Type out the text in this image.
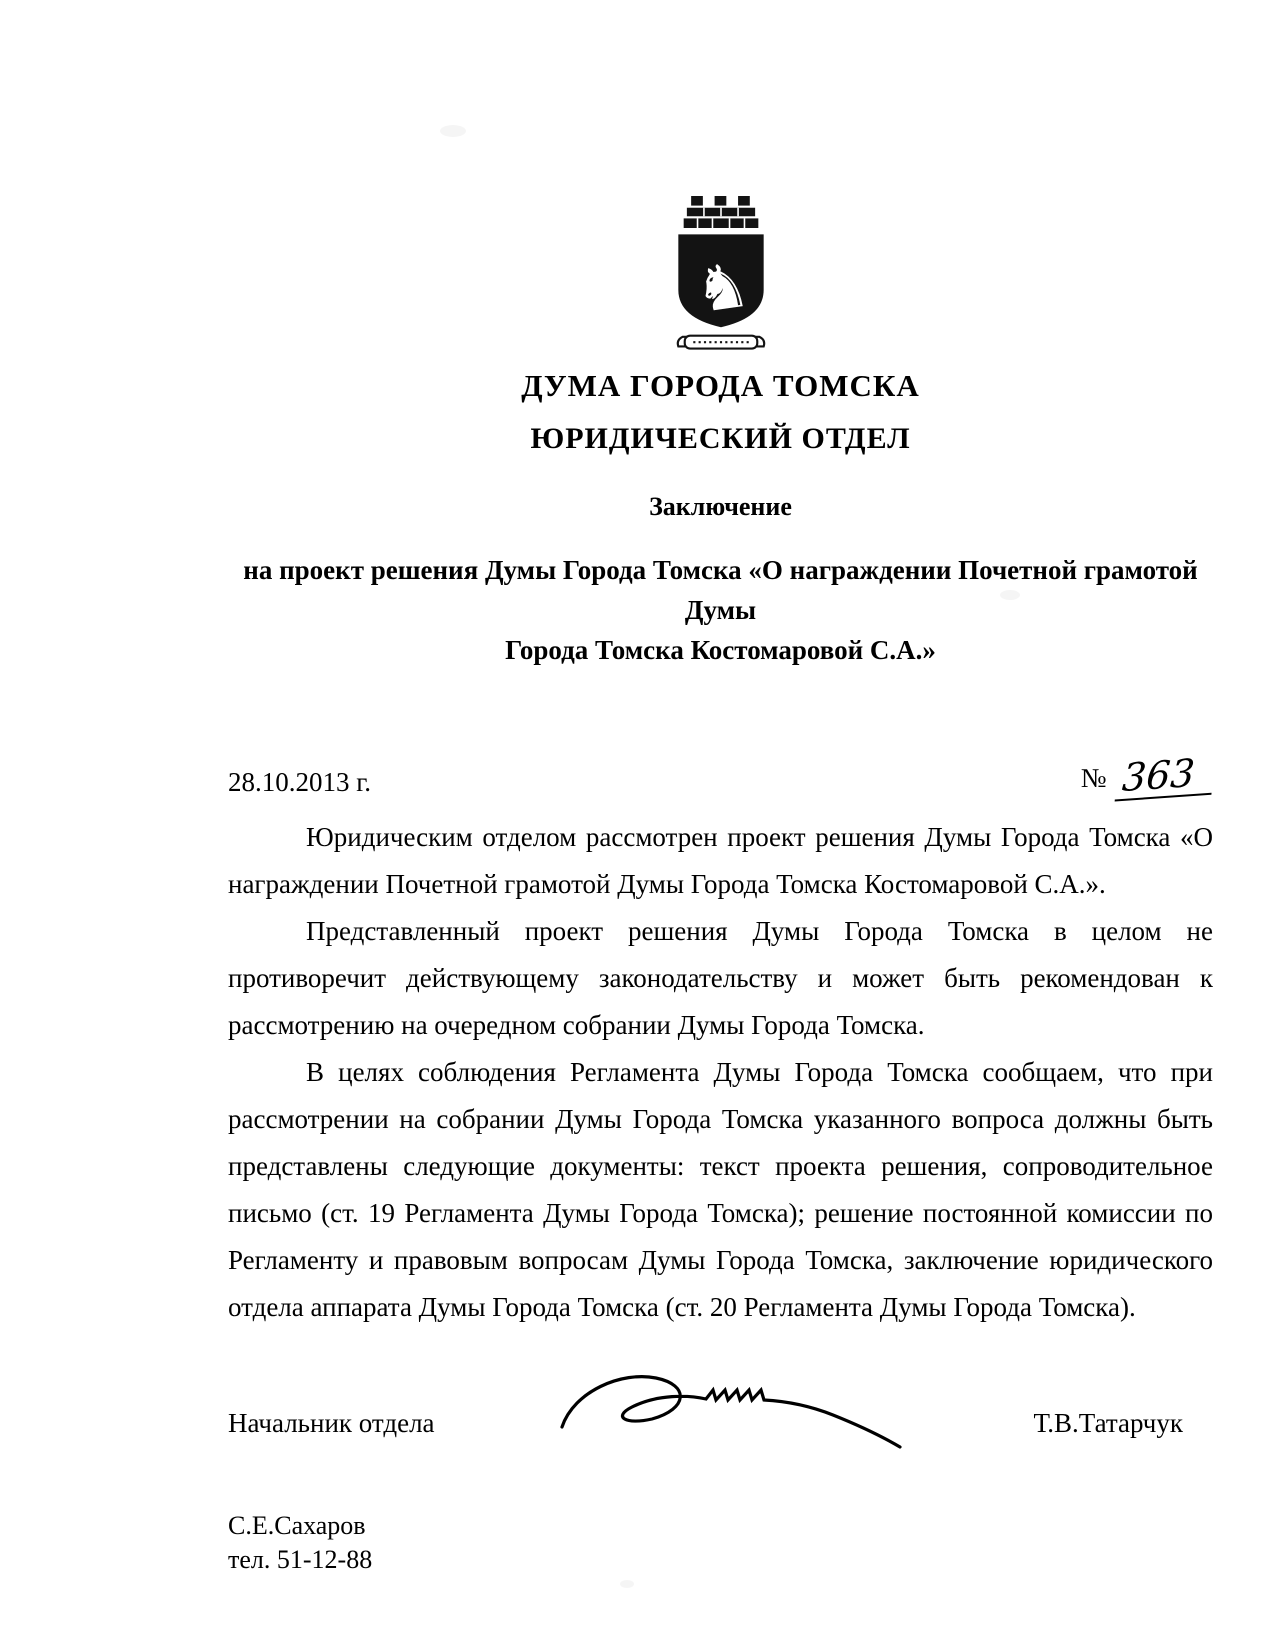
♞
ДУМА ГОРОДА ТОМСКА
ЮРИДИЧЕСКИЙ ОТДЕЛ
Заключение
на проект решения Думы Города Томска «О награждении Почетной грамотой Думы
Города Томска Костомаровой С.А.»
28.10.2013 г.	№ 363

Юридическим отделом рассмотрен проект решения Думы Города Томска «О награждении Почетной грамотой Думы Города Томска Костомаровой С.А.».

Представленный проект решения Думы Города Томска в целом не противоречит действующему законодательству и может быть рекомендован к рассмотрению на очередном собрании Думы Города Томска.

В целях соблюдения Регламента Думы Города Томска сообщаем, что при рассмотрении на собрании Думы Города Томска указанного вопроса должны быть представлены следующие документы: текст проекта решения, сопроводительное письмо (ст. 19 Регламента Думы Города Томска); решение постоянной комиссии по Регламенту и правовым вопросам Думы Города Томска, заключение юридического отдела аппарата Думы Города Томска (ст. 20 Регламента Думы Города Томска).

Начальник отдела	Т.В.Татарчук
С.Е.Сахаров
тел. 51-12-88
